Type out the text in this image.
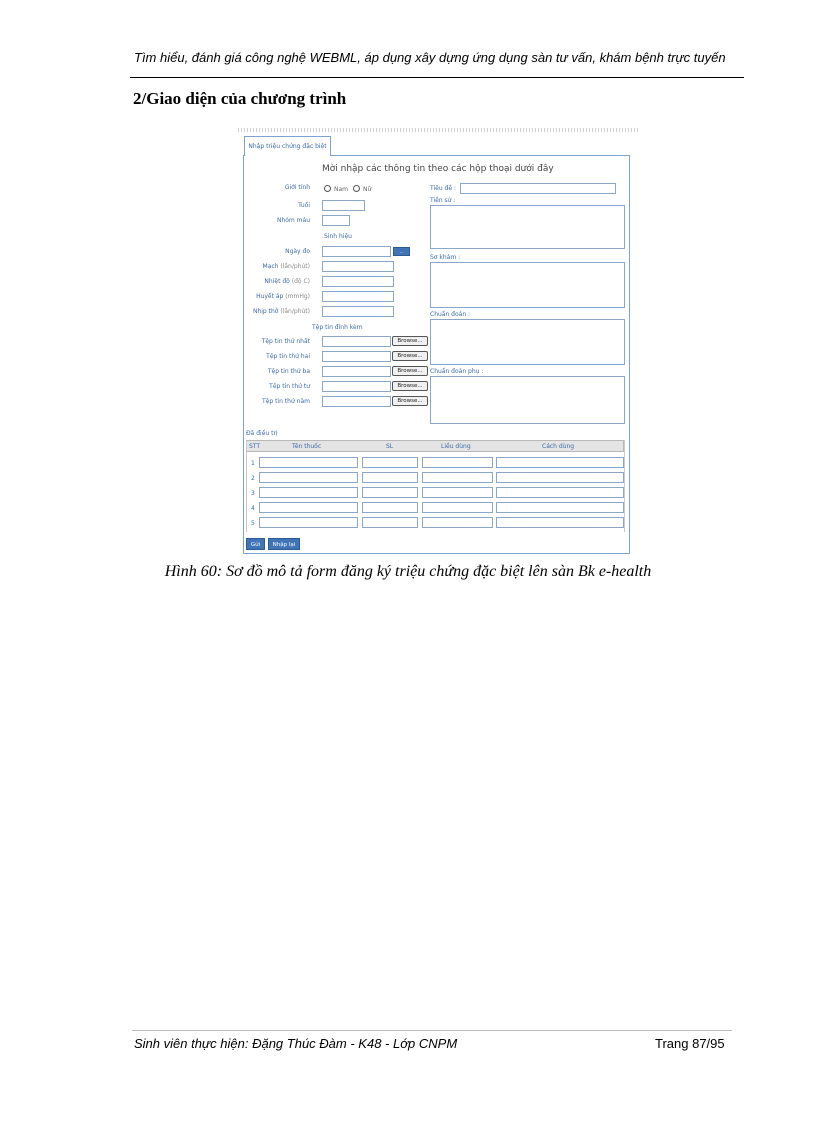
Tìm hiểu, đánh giá công nghệ WEBML, áp dụng xây dựng ứng dụng sàn tư vấn, khám bệnh trực tuyến
2/Giao diện của chương trình
Nhập triệu chứng đặc biệt
Mời nhập các thông tin theo các hộp thoại dưới đây
Giới tính	Nam Nữ
Tuổi
Nhóm máu
Sinh hiệu
Ngày đo	...
Mạch (lần/phút)
Nhiệt độ (độ C)
Huyết áp (mmHg)
Nhịp thở (lần/phút)
Tệp tin đính kèm
Tệp tin thứ nhất	Browse...
Tệp tin thứ hai	Browse...
Tệp tin thứ ba	Browse...
Tệp tin thứ tư	Browse...
Tệp tin thứ năm	Browse...
Tiêu đề :
Tiền sử :
Sơ khám :
Chuẩn đoán :
Chuẩn đoán phụ :
Đã điều trị
STT	Tên thuốc	SL	Liều dùng	Cách dùng
1
2
3
4
5
Gửi	Nhập lại
Hình 60: Sơ đồ mô tả form đăng ký triệu chứng đặc biệt lên sàn Bk e-health
Sinh viên thực hiện: Đặng Thúc Đàm - K48 - Lớp CNPM	Trang 87/95
